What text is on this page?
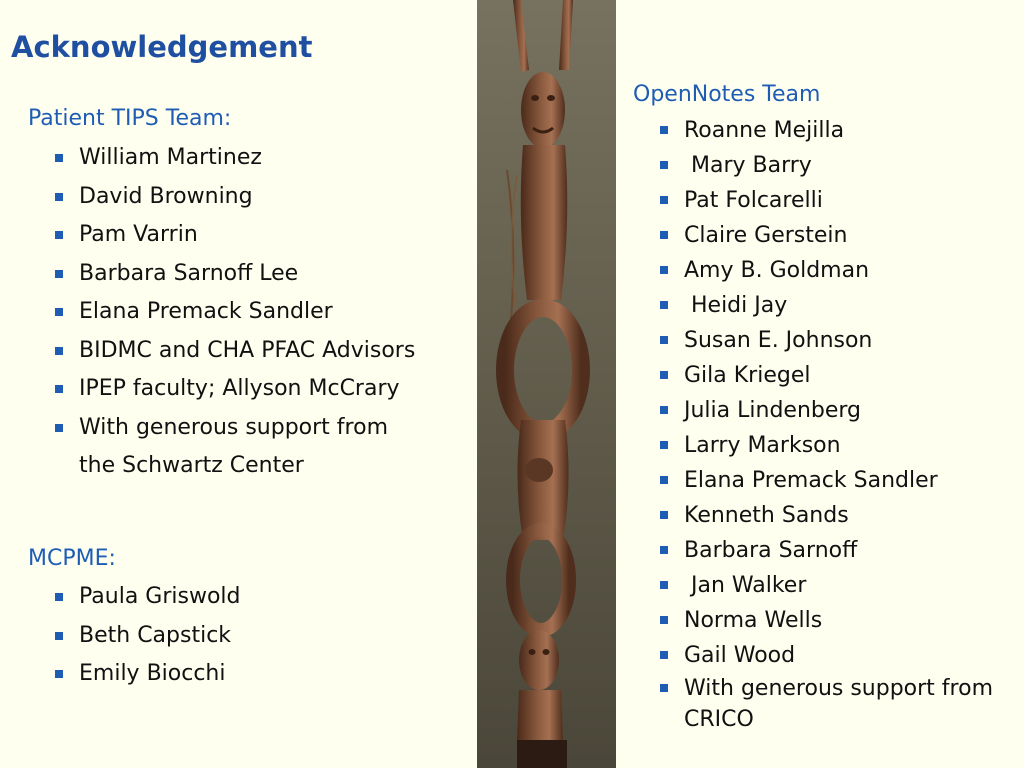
Acknowledgement
Patient TIPS Team:
William Martinez
David Browning
Pam Varrin
Barbara Sarnoff Lee
Elana Premack Sandler
BIDMC and CHA PFAC Advisors
IPEP faculty; Allyson McCrary
With generous support from
the Schwartz Center
MCPME:
Paula Griswold
Beth Capstick
Emily Biocchi
OpenNotes Team
Roanne Mejilla
Mary Barry
Pat Folcarelli
Claire Gerstein
Amy B. Goldman
Heidi Jay
Susan E. Johnson
Gila Kriegel
Julia Lindenberg
Larry Markson
Elana Premack Sandler
Kenneth Sands
Barbara Sarnoff
Jan Walker
Norma Wells
Gail Wood
With generous support from
CRICO
